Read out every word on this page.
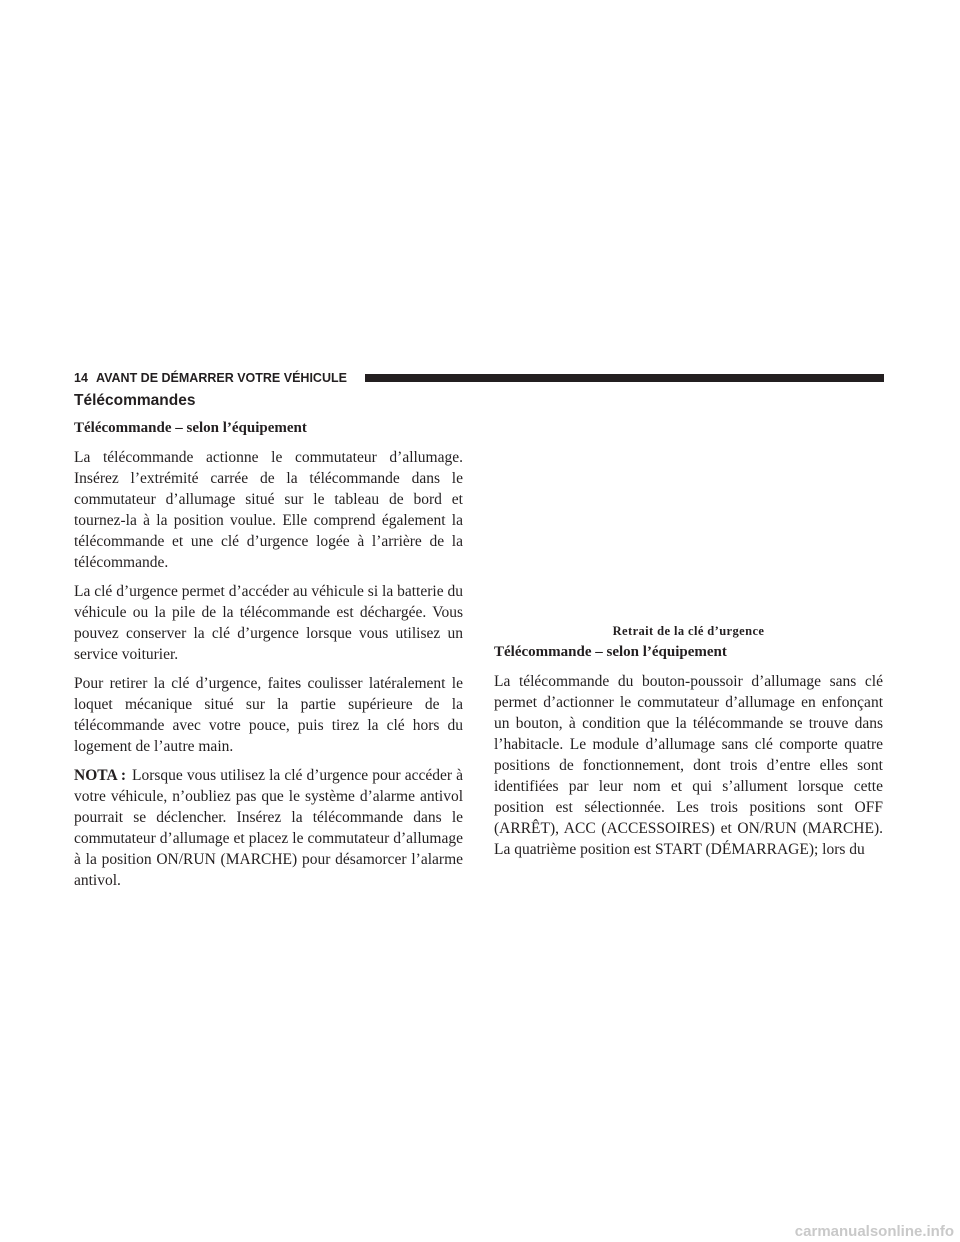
14 AVANT DE DÉMARRER VOTRE VÉHICULE
Télécommandes

Télécommande – selon l’équipement

La télécommande actionne le commutateur d’allumage. Insérez l’extrémité carrée de la télécommande dans le commutateur d’allumage situé sur le tableau de bord et tournez-la à la position voulue. Elle comprend également la télécommande et une clé d’urgence logée à l’arrière de la télécommande.

La clé d’urgence permet d’accéder au véhicule si la batterie du véhicule ou la pile de la télécommande est déchargée. Vous pouvez conserver la clé d’urgence lorsque vous utilisez un service voiturier.

Pour retirer la clé d’urgence, faites coulisser latéralement le loquet mécanique situé sur la partie supérieure de la télécommande avec votre pouce, puis tirez la clé hors du logement de l’autre main.

NOTA : Lorsque vous utilisez la clé d’urgence pour accéder à votre véhicule, n’oubliez pas que le système d’alarme antivol pourrait se déclencher. Insérez la télécommande dans le commutateur d’allumage et placez le commutateur d’allumage à la position ON/RUN (MARCHE) pour désamorcer l’alarme antivol.

Retrait de la clé d’urgence

Télécommande – selon l’équipement

La télécommande du bouton-poussoir d’allumage sans clé permet d’actionner le commutateur d’allumage en enfonçant un bouton, à condition que la télécommande se trouve dans l’habitacle. Le module d’allumage sans clé comporte quatre positions de fonctionnement, dont trois d’entre elles sont identifiées par leur nom et qui s’allument lorsque cette position est sélectionnée. Les trois positions sont OFF (ARRÊT), ACC (ACCESSOIRES) et ON/RUN (MARCHE). La quatrième position est START (DÉMARRAGE); lors du

carmanualsonline.info
